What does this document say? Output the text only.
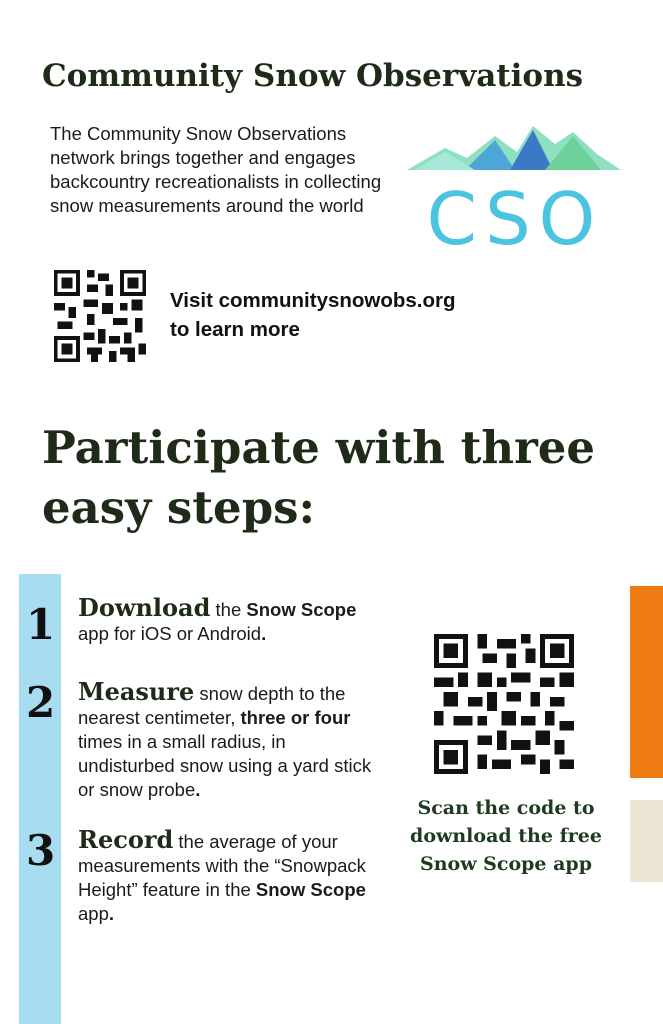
Community Snow Observations
The Community Snow Observations network brings together and engages backcountry recreationalists in collecting snow measurements around the world CSO
Visit communitysnowobs.org
to learn more
Participate with three
easy steps:
1 Download the Snow Scope app for iOS or Android.
2 Measure snow depth to the nearest centimeter, three or four times in a small radius, in undisturbed snow using a yard stick or snow probe.
3 Record the average of your measurements with the “Snowpack Height” feature in the Snow Scope app.
Scan the code to
download the free
Snow Scope app
